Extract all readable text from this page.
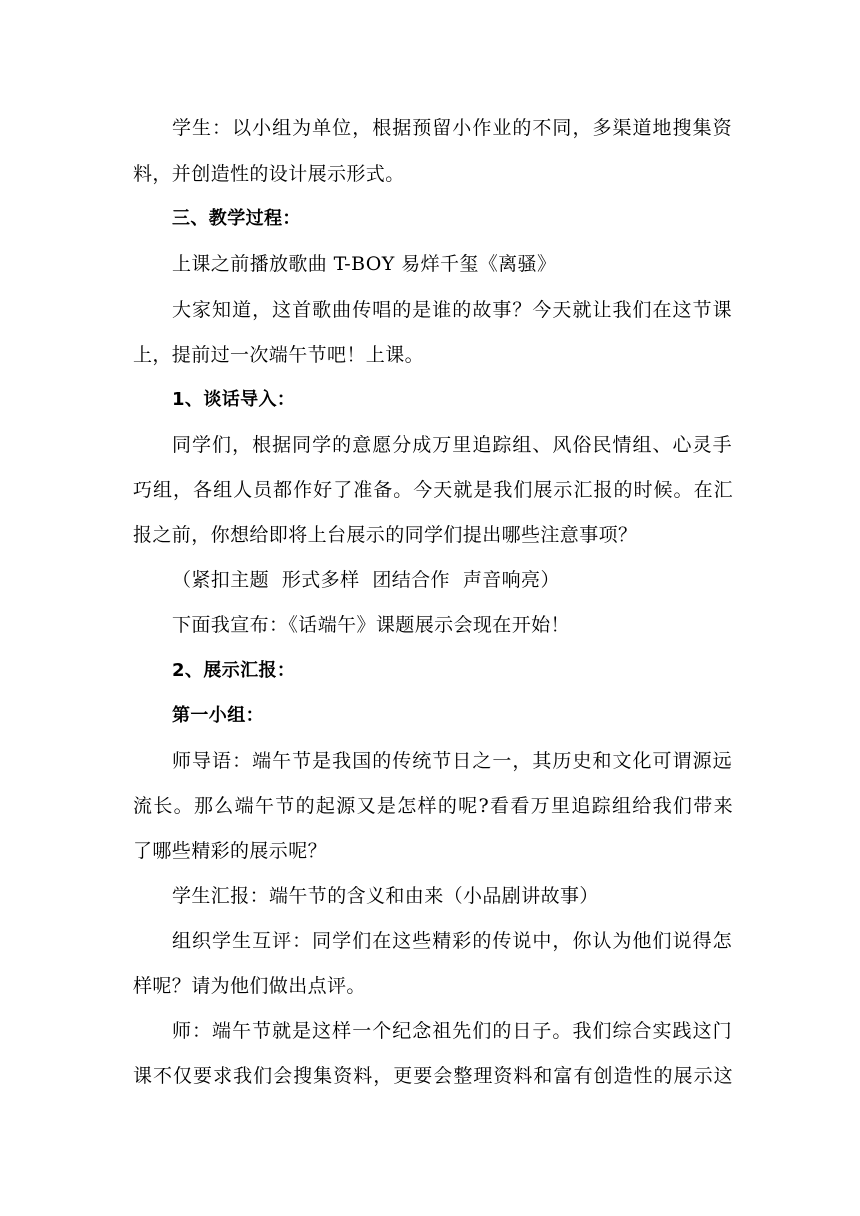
学生：以小组为单位，根据预留小作业的不同，多渠道地搜集资
料，并创造性的设计展示形式。
三、教学过程：
上课之前播放歌曲 T-BOY 易烊千玺《离骚》
大家知道，这首歌曲传唱的是谁的故事？今天就让我们在这节课
上，提前过一次端午节吧！上课。
1、谈话导入：
同学们，根据同学的意愿分成万里追踪组、风俗民情组、心灵手
巧组，各组人员都作好了准备。今天就是我们展示汇报的时候。在汇
报之前，你想给即将上台展示的同学们提出哪些注意事项？
（紧扣主题  形式多样  团结合作  声音响亮）
下面我宣布：《话端午》课题展示会现在开始！
2、展示汇报：
第一小组：
师导语：端午节是我国的传统节日之一，其历史和文化可谓源远
流长。那么端午节的起源又是怎样的呢?看看万里追踪组给我们带来
了哪些精彩的展示呢？
学生汇报：端午节的含义和由来（小品剧讲故事）
组织学生互评：同学们在这些精彩的传说中，你认为他们说得怎
样呢？请为他们做出点评。
师：端午节就是这样一个纪念祖先们的日子。我们综合实践这门
课不仅要求我们会搜集资料，更要会整理资料和富有创造性的展示这
